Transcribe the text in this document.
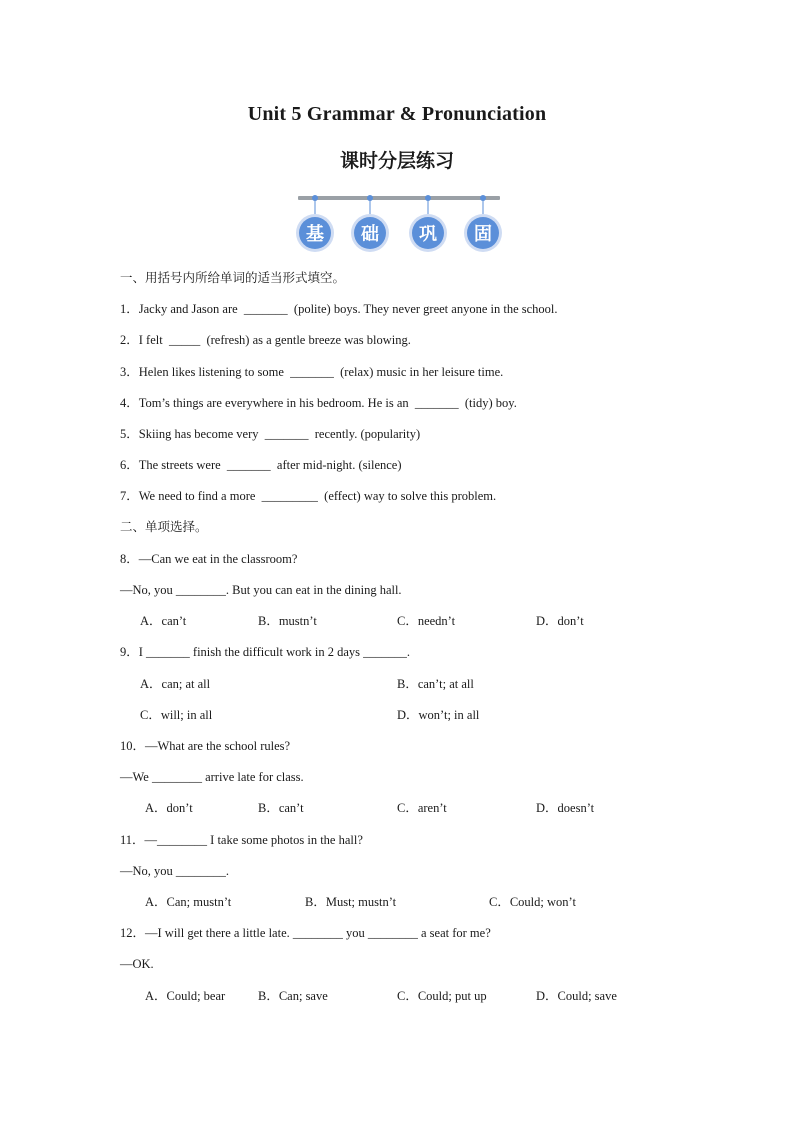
Unit 5 Grammar & Pronunciation
课时分层练习
基 础 巩 固
一、用括号内所给单词的适当形式填空。
1．Jacky and Jason are  _______  (polite) boys. They never greet anyone in the school.
2．I felt  _____  (refresh) as a gentle breeze was blowing.
3．Helen likes listening to some  _______  (relax) music in her leisure time.
4．Tom’s things are everywhere in his bedroom. He is an  _______  (tidy) boy.
5．Skiing has become very  _______  recently. (popularity)
6．The streets were  _______  after mid-night. (silence)
7．We need to find a more  _________  (effect) way to solve this problem.
二、单项选择。
8．—Can we eat in the classroom?
—No, you ________. But you can eat in the dining hall.
A．can’t	B．mustn’t	C．needn’t	D．don’t
9．I _______ finish the difficult work in 2 days _______.
A．can; at all	B．can’t; at all
C．will; in all	D．won’t; in all
10．—What are the school rules?
—We ________ arrive late for class.
A．don’t	B．can’t	C．aren’t	D．doesn’t
11．—________ I take some photos in the hall?
—No, you ________.
A．Can; mustn’t	B．Must; mustn’t	C．Could; won’t
12．—I will get there a little late. ________ you ________ a seat for me?
—OK.
A．Could; bear	B．Can; save	C．Could; put up	D．Could; save
